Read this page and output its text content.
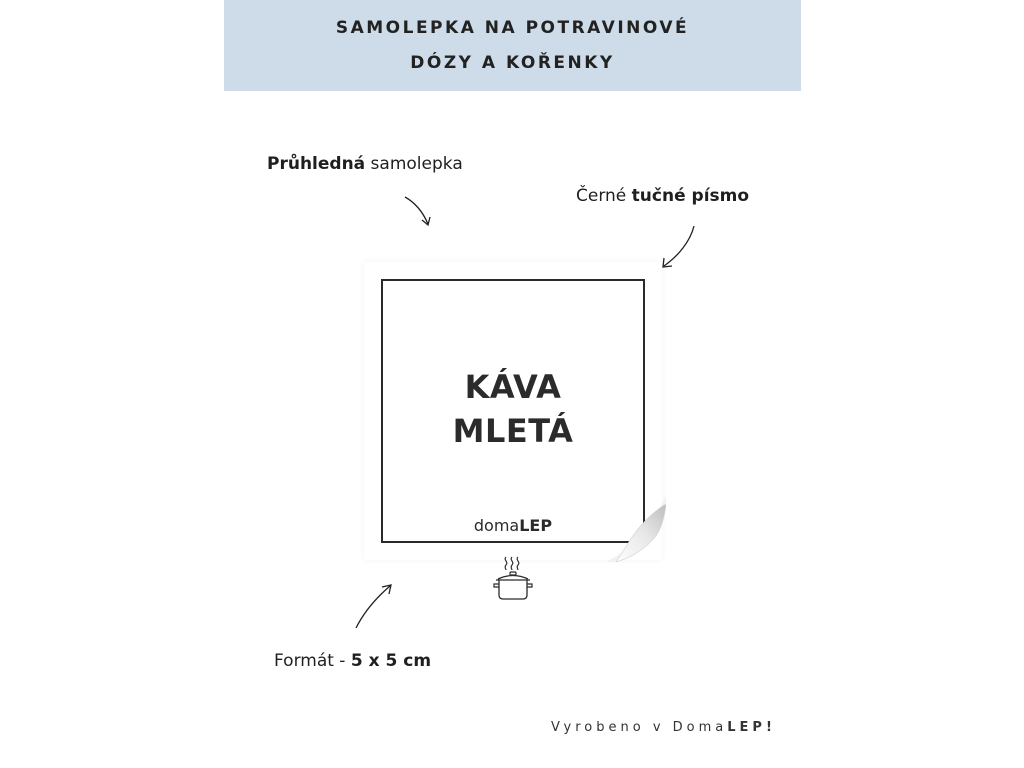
SAMOLEPKA NA POTRAVINOVÉ
DÓZY A KOŘENKY
Průhledná samolepka
Černé tučné písmo
KÁVA
MLETÁ
domaLEP
Formát - 5 x 5 cm
Vyrobeno v DomaLEP!
